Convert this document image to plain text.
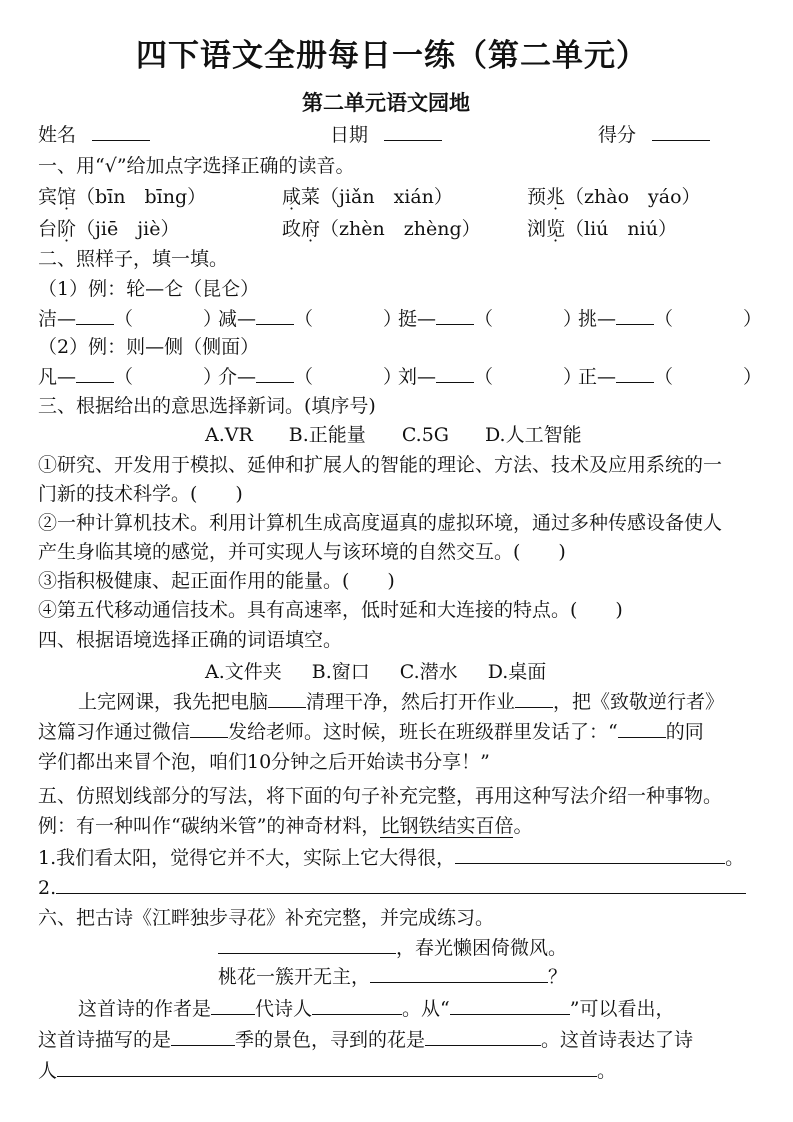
四下语文全册每日一练（第二单元）
第二单元语文园地
姓名	日期	得分
一、用“√”给加点字选择正确的读音。
宾馆（bīn　bīng）	咸菜（jiǎn　xián）	预兆（zhào　yáo）
台阶（jiē　jiè）	政府（zhèn　zhèng） 浏览（liú　niú）
二、照样子，填一填。
（1）例：轮—仑（昆仑）
洁— （	）
减— （	）
挺— （	）
挑— （	）
（2）例：则—侧（侧面）
凡— （	）
介— （	）
刘— （	）
正— （	）
三、根据给出的意思选择新词。(填序号)
A.VR B.正能量 C.5G D.人工智能
①研究、开发用于模拟、延伸和扩展人的智能的理论、方法、技术及应用系统的一
门新的技术科学。(　　)
②一种计算机技术。利用计算机生成高度逼真的虚拟环境，通过多种传感设备使人
产生身临其境的感觉，并可实现人与该环境的自然交互。(　　)
③指积极健康、起正面作用的能量。(　　)
④第五代移动通信技术。具有高速率，低时延和大连接的特点。(　　)
四、根据语境选择正确的词语填空。
A.文件夹 B.窗口 C.潜水 D.桌面
上完网课，我先把电脑 清理干净，然后打开作业 ，把《致敬逆行者》
这篇习作通过微信 发给老师。这时候，班长在班级群里发话了：“	的同
学们都出来冒个泡，咱们10分钟之后开始读书分享！”
五、仿照划线部分的写法，将下面的句子补充完整，再用这种写法介绍一种事物。
例：有一种叫作“碳纳米管”的神奇材料，比钢铁结实百倍。
1.我们看太阳，觉得它并不大，实际上它大得很，	。
2.
六、把古诗《江畔独步寻花》补充完整，并完成练习。
，春光懒困倚微风。
桃花一簇开无主，	？
这首诗的作者是 代诗人	。从“	”可以看出，
这首诗描写的是	季的景色，寻到的花是	。这首诗表达了诗
人	。
